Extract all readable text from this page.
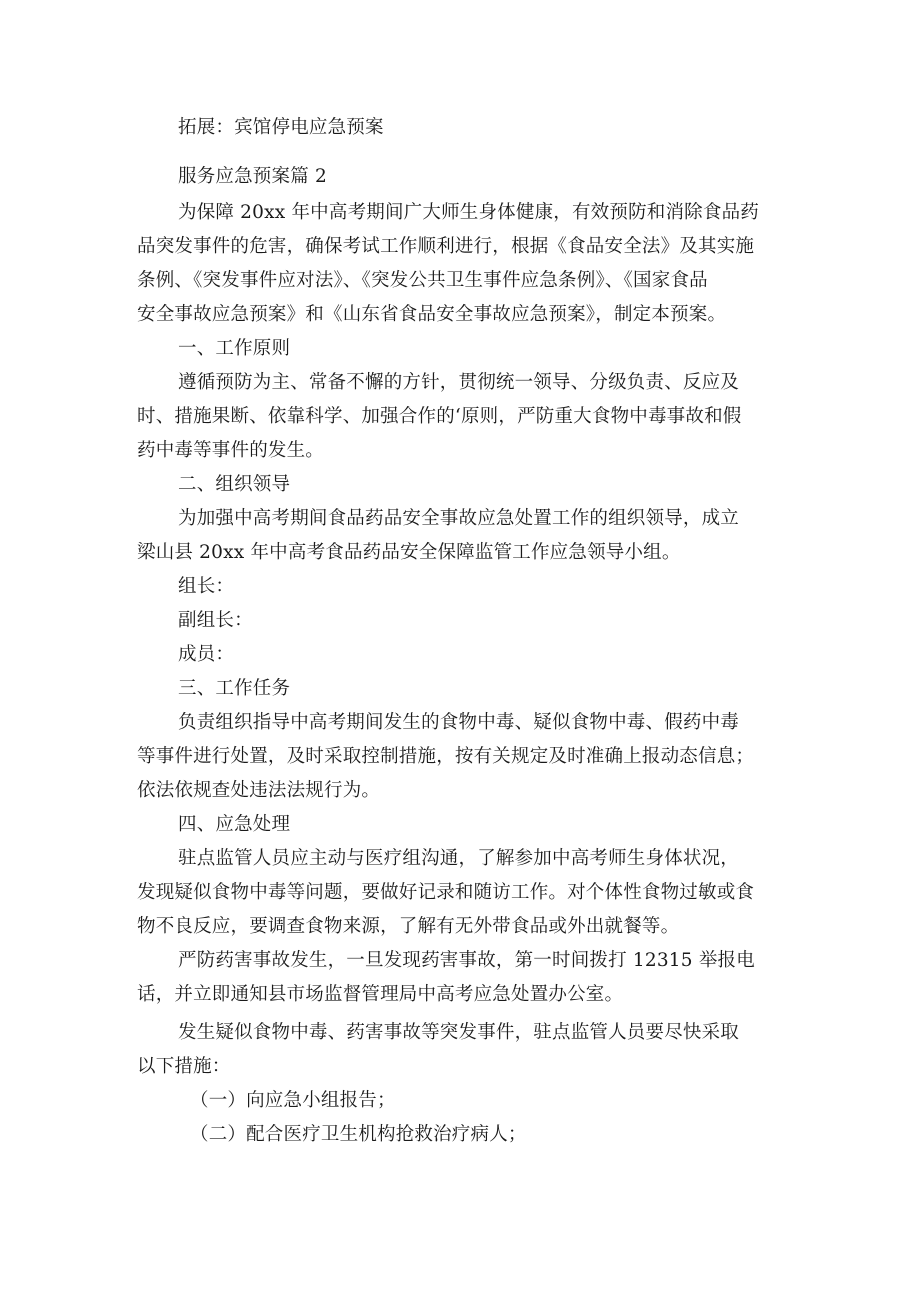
拓展：宾馆停电应急预案
服务应急预案篇 2
为保障 20xx 年中高考期间广大师生身体健康，有效预防和消除食品药
品突发事件的危害，确保考试工作顺利进行，根据《食品安全法》及其实施
条例、《突发事件应对法》、《突发公共卫生事件应急条例》、《国家食品
安全事故应急预案》和《山东省食品安全事故应急预案》，制定本预案。
一、工作原则
遵循预防为主、常备不懈的方针，贯彻统一领导、分级负责、反应及
时、措施果断、依靠科学、加强合作的‘原则，严防重大食物中毒事故和假
药中毒等事件的发生。
二、组织领导
为加强中高考期间食品药品安全事故应急处置工作的组织领导，成立
梁山县 20xx 年中高考食品药品安全保障监管工作应急领导小组。
组长：
副组长：
成员：
三、工作任务
负责组织指导中高考期间发生的食物中毒、疑似食物中毒、假药中毒
等事件进行处置，及时采取控制措施，按有关规定及时准确上报动态信息；
依法依规查处违法法规行为。
四、应急处理
驻点监管人员应主动与医疗组沟通，了解参加中高考师生身体状况，
发现疑似食物中毒等问题，要做好记录和随访工作。对个体性食物过敏或食
物不良反应，要调查食物来源，了解有无外带食品或外出就餐等。
严防药害事故发生，一旦发现药害事故，第一时间拨打 12315 举报电
话，并立即通知县市场监督管理局中高考应急处置办公室。
发生疑似食物中毒、药害事故等突发事件，驻点监管人员要尽快采取
以下措施：
（一）向应急小组报告；
（二）配合医疗卫生机构抢救治疗病人；
